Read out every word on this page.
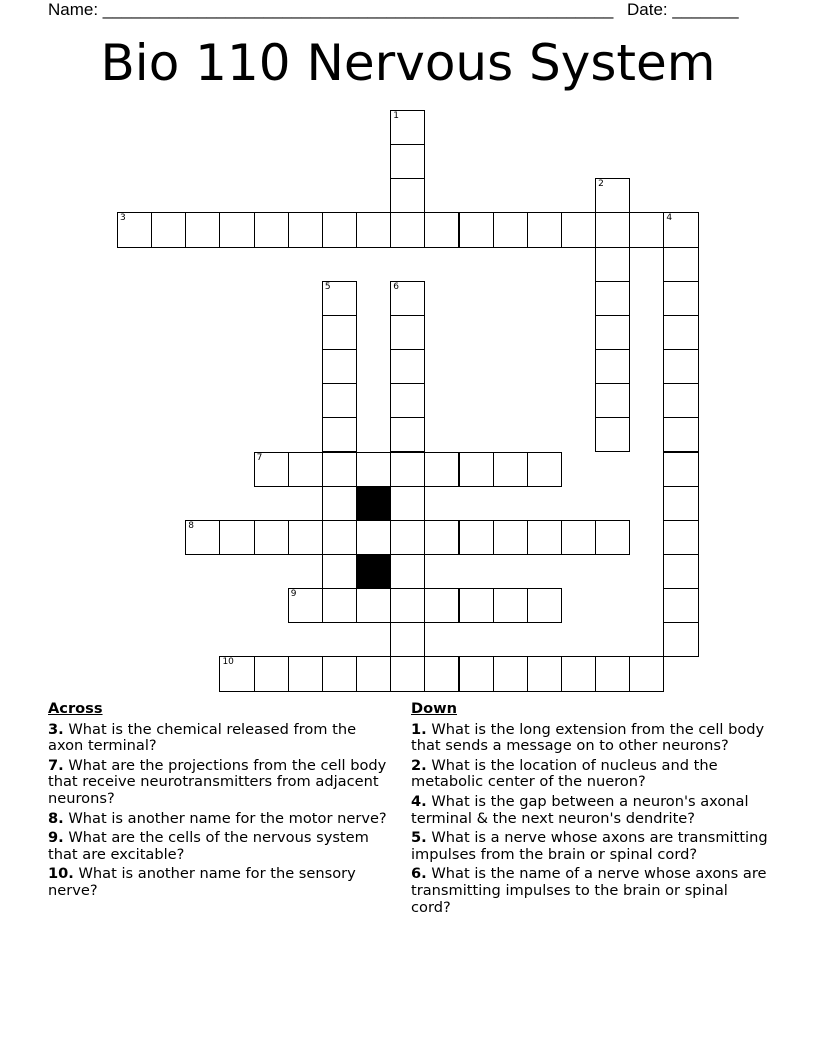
Name: ______________________________________________________ Date: _______
Bio 110 Nervous System
1
2
3	4
5	6
7
8
9
10
Across
3. What is the chemical released from the axon terminal?
7. What are the projections from the cell body that receive neurotransmitters from adjacent neurons?
8. What is another name for the motor nerve?
9. What are the cells of the nervous system that are excitable?
10. What is another name for the sensory nerve?
Down
1. What is the long extension from the cell body that sends a message on to other neurons?
2. What is the location of nucleus and the metabolic center of the nueron?
4. What is the gap between a neuron's axonal terminal & the next neuron's dendrite?
5. What is a nerve whose axons are transmitting impulses from the brain or spinal cord?
6. What is the name of a nerve whose axons are transmitting impulses to the brain or spinal cord?
